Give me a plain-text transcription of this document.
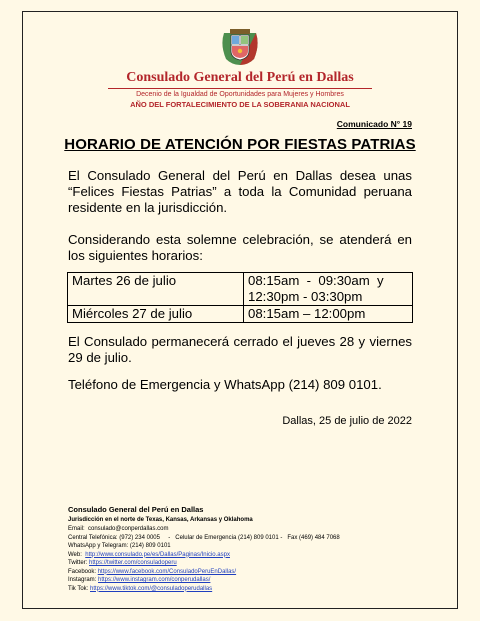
Consulado General del Perú en Dallas
Decenio de la Igualdad de Oportunidades para Mujeres y Hombres
AÑO DEL FORTALECIMIENTO DE LA SOBERANIA NACIONAL
Comunicado N° 19
HORARIO DE ATENCIÓN POR FIESTAS PATRIAS
El Consulado General del Perú en Dallas desea unas “Felices Fiestas Patrias” a toda la Comunidad peruana residente en la jurisdicción.
Considerando esta solemne celebración, se atenderá en los siguientes horarios:
Martes 26 de julio	08:15am  -  09:30am  y
12:30pm - 03:30pm

Miércoles 27 de julio	08:15am – 12:00pm
El Consulado permanecerá cerrado el jueves 28 y viernes 29 de julio.
Teléfono de Emergencia y WhatsApp (214) 809 0101.
Dallas, 25 de julio de 2022
Consulado General del Perú en Dallas
Jurisdicción en el norte de Texas, Kansas, Arkansas y Oklahoma
Email:  consulado@conperdallas.com
Central Telefónica: (972) 234 0005     -   Celular de Emergencia (214) 809 0101 -   Fax (469) 484 7068
WhatsApp y Telegram: (214) 809 0101
Web:  http://www.consulado.pe/es/Dallas/Paginas/Inicio.aspx
Twitter: https://twitter.com/consuladoperu
Facebook: https://www.facebook.com/ConsuladoPeruEnDallas/
Instagram: https://www.instagram.com/conperudallas/
Tik Tok: https://www.tiktok.com/@consuladoperudallas
